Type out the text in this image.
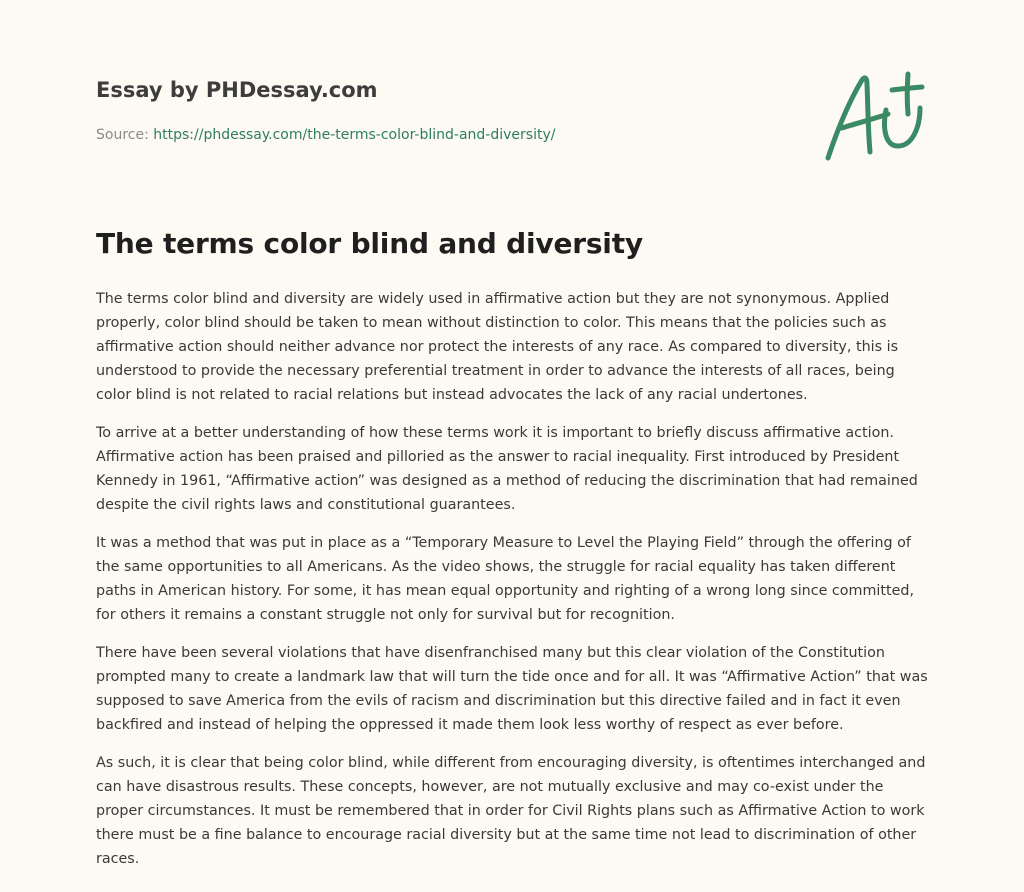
Essay by PHDessay.com

Source: https://phdessay.com/the-terms-color-blind-and-diversity/
The terms color blind and diversity

The terms color blind and diversity are widely used in affirmative action but they are not synonymous. Applied properly, color blind should be taken to mean without distinction to color. This means that the policies such as affirmative action should neither advance nor protect the interests of any race. As compared to diversity, this is understood to provide the necessary preferential treatment in order to advance the interests of all races, being color blind is not related to racial relations but instead advocates the lack of any racial undertones.

To arrive at a better understanding of how these terms work it is important to briefly discuss affirmative action. Affirmative action has been praised and pilloried as the answer to racial inequality. First introduced by President Kennedy in 1961, “Affirmative action” was designed as a method of reducing the discrimination that had remained despite the civil rights laws and constitutional guarantees.

It was a method that was put in place as a “Temporary Measure to Level the Playing Field” through the offering of the same opportunities to all Americans. As the video shows, the struggle for racial equality has taken different paths in American history. For some, it has mean equal opportunity and righting of a wrong long since committed, for others it remains a constant struggle not only for survival but for recognition.

There have been several violations that have disenfranchised many but this clear violation of the Constitution prompted many to create a landmark law that will turn the tide once and for all. It was “Affirmative Action” that was supposed to save America from the evils of racism and discrimination but this directive failed and in fact it even backfired and instead of helping the oppressed it made them look less worthy of respect as ever before.

As such, it is clear that being color blind, while different from encouraging diversity, is oftentimes interchanged and can have disastrous results. These concepts, however, are not mutually exclusive and may co-exist under the proper circumstances. It must be remembered that in order for Civil Rights plans such as Affirmative Action to work there must be a fine balance to encourage racial diversity but at the same time not lead to discrimination of other races.
